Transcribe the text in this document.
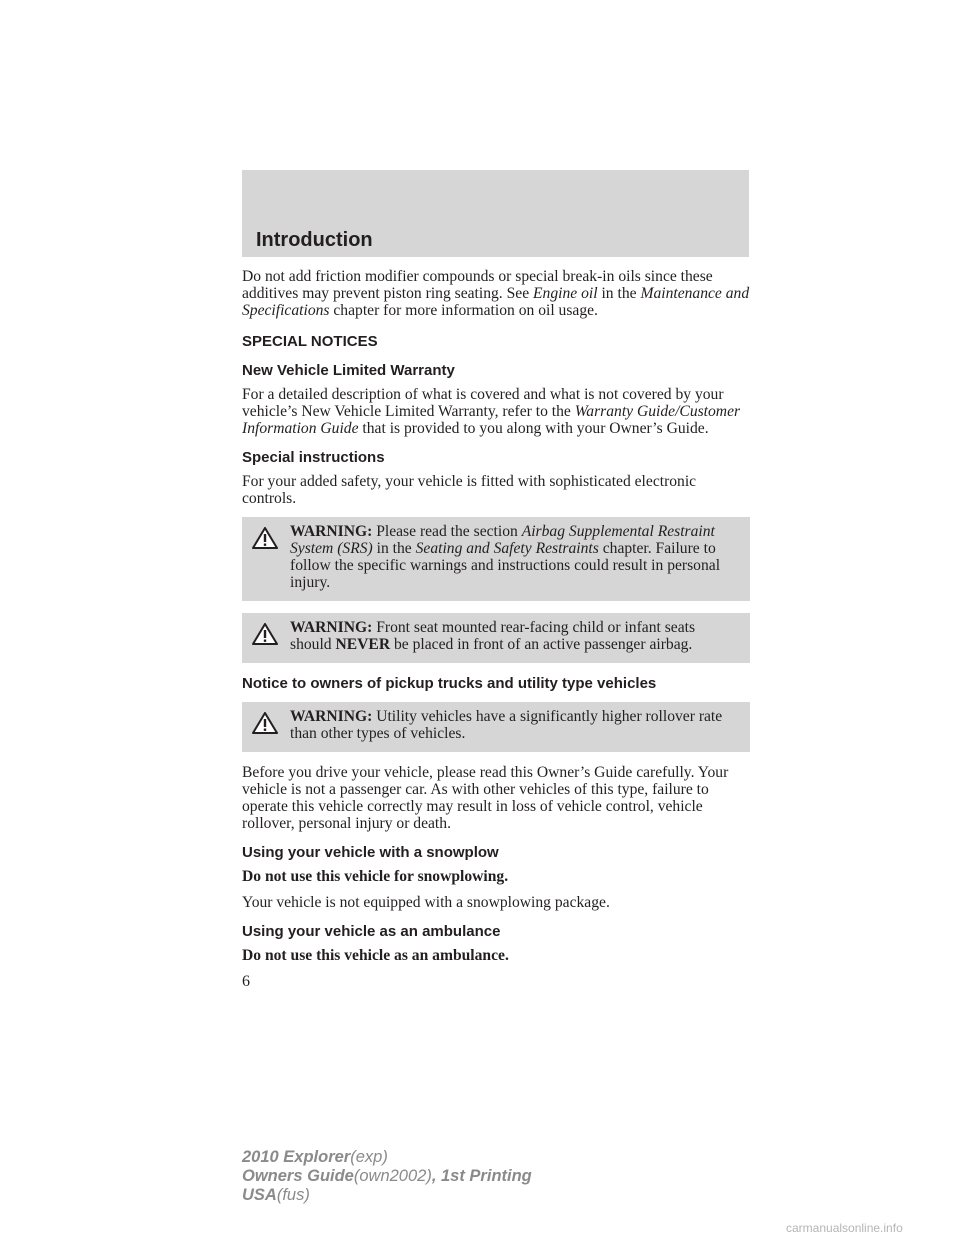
Introduction

Do not add friction modifier compounds or special break-in oils since these additives may prevent piston ring seating. See Engine oil in the Maintenance and Specifications chapter for more information on oil usage.

SPECIAL NOTICES
New Vehicle Limited Warranty

For a detailed description of what is covered and what is not covered by your vehicle’s New Vehicle Limited Warranty, refer to the Warranty Guide/Customer Information Guide that is provided to you along with your Owner’s Guide.

Special instructions

For your added safety, your vehicle is fitted with sophisticated electronic controls.

WARNING: Please read the section Airbag Supplemental Restraint System (SRS) in the Seating and Safety Restraints chapter. Failure to follow the specific warnings and instructions could result in personal injury.
WARNING: Front seat mounted rear-facing child or infant seats should NEVER be placed in front of an active passenger airbag.
Notice to owners of pickup trucks and utility type vehicles
WARNING: Utility vehicles have a significantly higher rollover rate than other types of vehicles.

Before you drive your vehicle, please read this Owner’s Guide carefully. Your vehicle is not a passenger car. As with other vehicles of this type, failure to operate this vehicle correctly may result in loss of vehicle control, vehicle rollover, personal injury or death.

Using your vehicle with a snowplow

Do not use this vehicle for snowplowing.

Your vehicle is not equipped with a snowplowing package.

Using your vehicle as an ambulance

Do not use this vehicle as an ambulance.

6
2010 Explorer(exp)
Owners Guide(own2002), 1st Printing
USA(fus)
carmanualsonline.info
